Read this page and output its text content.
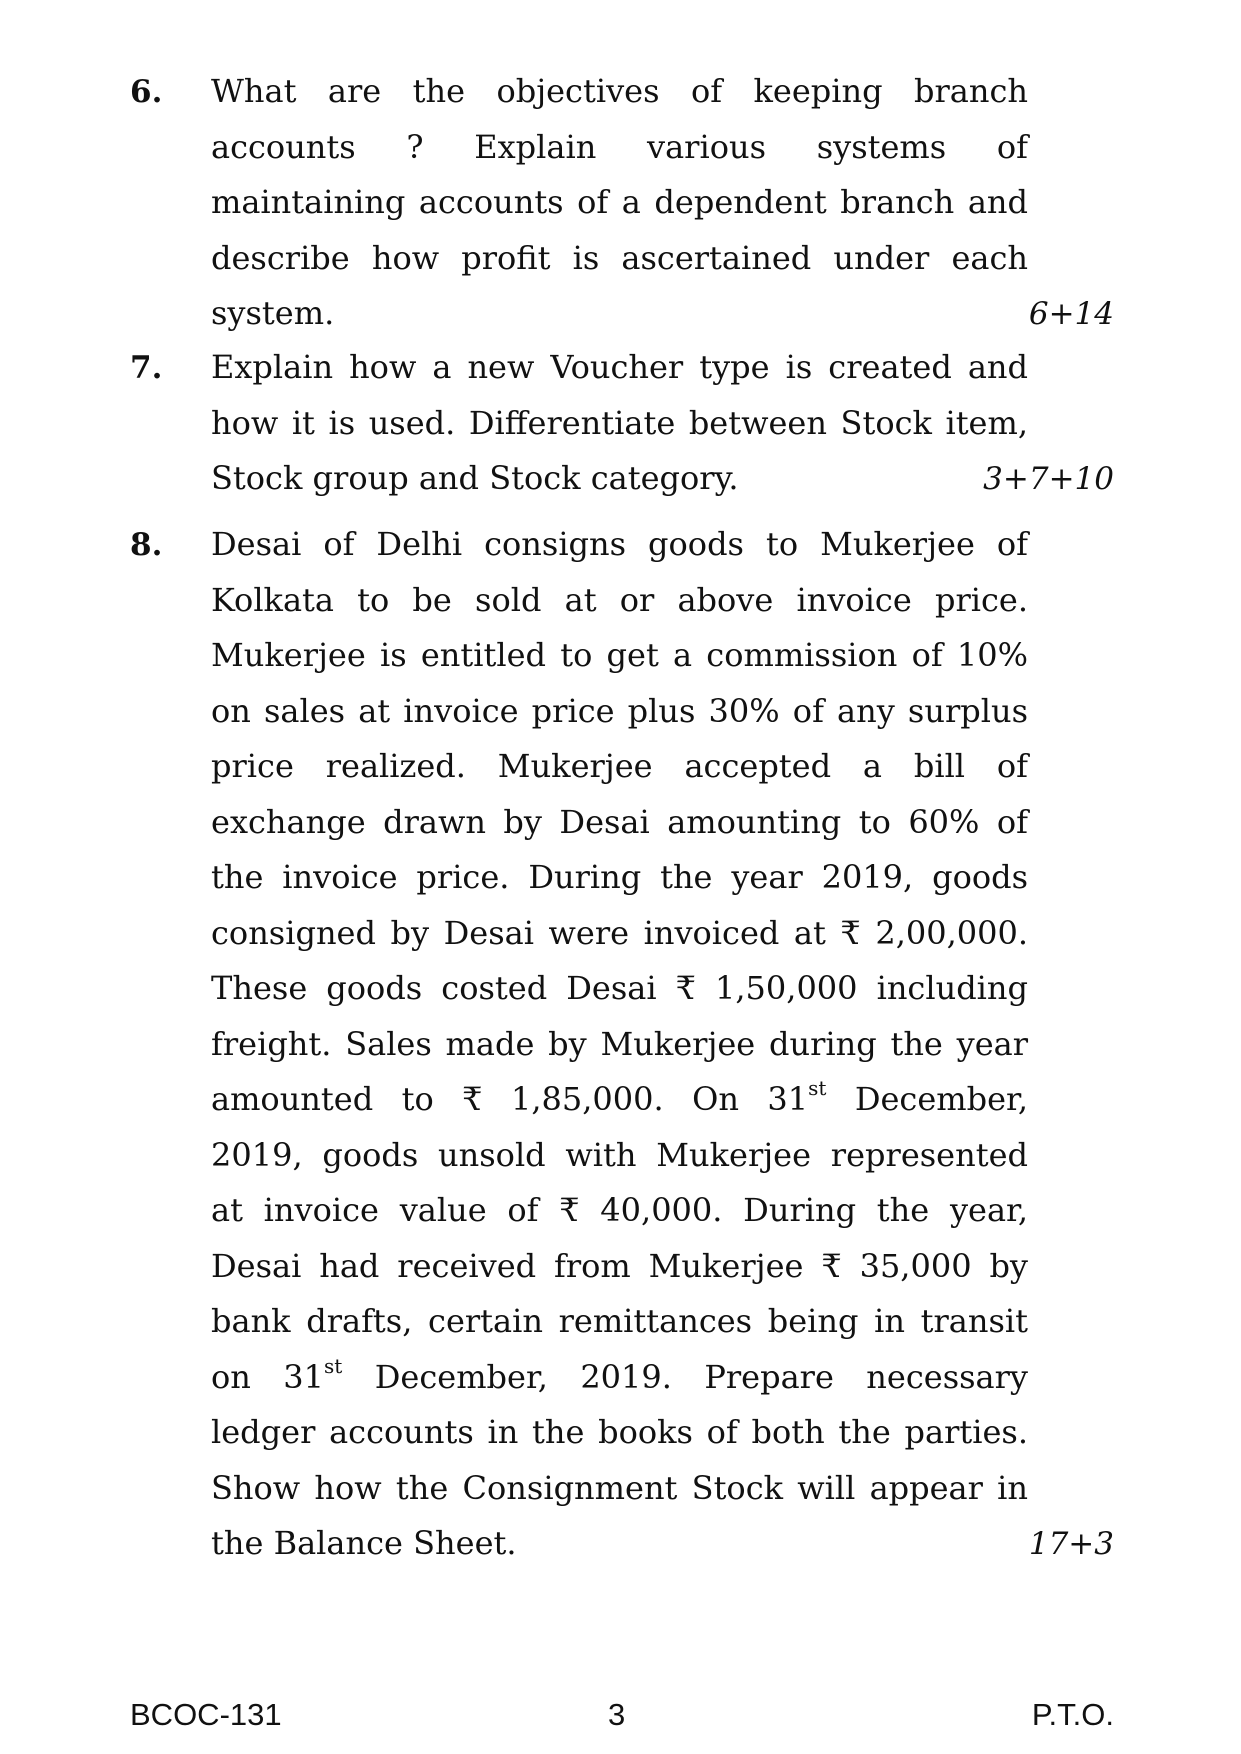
6. What are the objectives of keeping branch
accounts ? Explain various systems of
maintaining accounts of a dependent branch and
describe how profit is ascertained under each
system.	6+14
7. Explain how a new Voucher type is created and
how it is used. Differentiate between Stock item,
Stock group and Stock category.	3+7+10
8. Desai of Delhi consigns goods to Mukerjee of
Kolkata to be sold at or above invoice price.
Mukerjee is entitled to get a commission of 10%
on sales at invoice price plus 30% of any surplus
price realized. Mukerjee accepted a bill of
exchange drawn by Desai amounting to 60% of
the invoice price. During the year 2019, goods
consigned by Desai were invoiced at ₹ 2,00,000.
These goods costed Desai ₹ 1,50,000 including
freight. Sales made by Mukerjee during the year
amounted to ₹ 1,85,000. On 31st December,
2019, goods unsold with Mukerjee represented
at invoice value of ₹ 40,000. During the year,
Desai had received from Mukerjee ₹ 35,000 by
bank drafts, certain remittances being in transit
on 31st December, 2019. Prepare necessary
ledger accounts in the books of both the parties.
Show how the Consignment Stock will appear in
the Balance Sheet.	17+3
BCOC-131	3	P.T.O.
